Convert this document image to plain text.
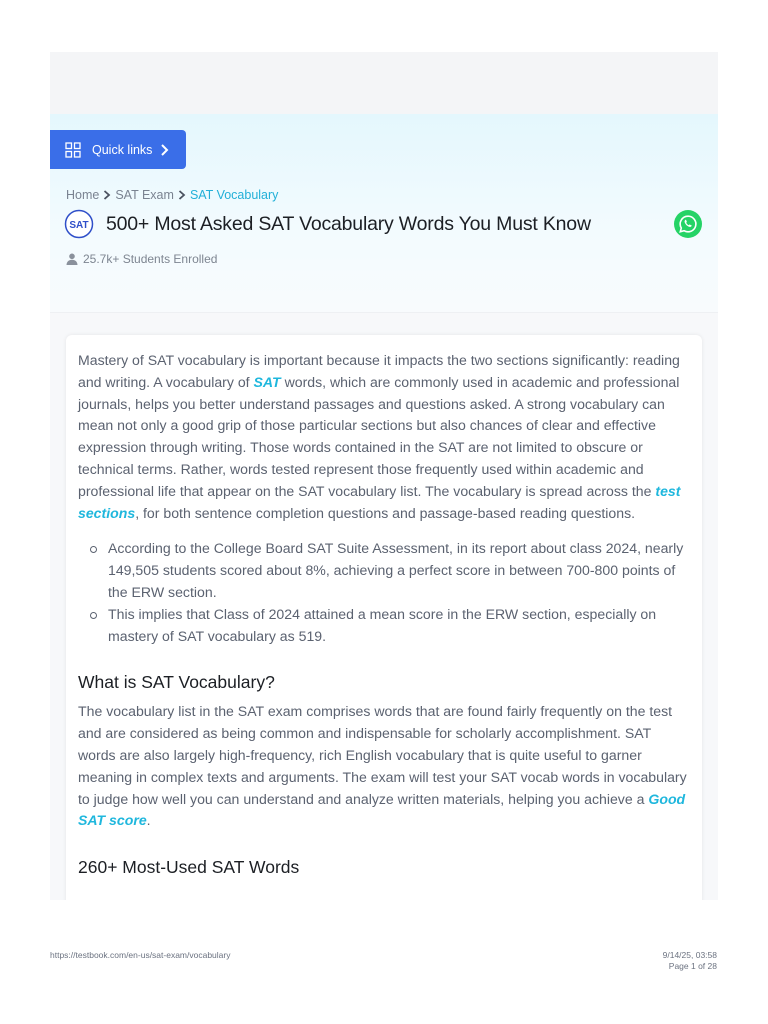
Quick links
Home SAT Exam SAT Vocabulary
SAT 500+ Most Asked SAT Vocabulary Words You Must Know
25.7k+ Students Enrolled

Mastery of SAT vocabulary is important because it impacts the two sections significantly: reading and writing. A vocabulary of SAT words, which are commonly used in academic and professional journals, helps you better understand passages and questions asked. A strong vocabulary can mean not only a good grip of those particular sections but also chances of clear and effective expression through writing. Those words contained in the SAT are not limited to obscure or technical terms. Rather, words tested represent those frequently used within academic and professional life that appear on the SAT vocabulary list. The vocabulary is spread across the test sections, for both sentence completion questions and passage-based reading questions.

According to the College Board SAT Suite Assessment, in its report about class 2024, nearly 149,505 students scored about 8%, achieving a perfect score in between 700-800 points of the ERW section.
This implies that Class of 2024 attained a mean score in the ERW section, especially on mastery of SAT vocabulary as 519.
What is SAT Vocabulary?

The vocabulary list in the SAT exam comprises words that are found fairly frequently on the test and are considered as being common and indispensable for scholarly accomplishment. SAT words are also largely high-frequency, rich English vocabulary that is quite useful to garner meaning in complex texts and arguments. The exam will test your SAT vocab words in vocabulary to judge how well you can understand and analyze written materials, helping you achieve a Good SAT score.

260+ Most-Used SAT Words
https://testbook.com/en-us/sat-exam/vocabulary	9/14/25, 03:58
Page 1 of 28
